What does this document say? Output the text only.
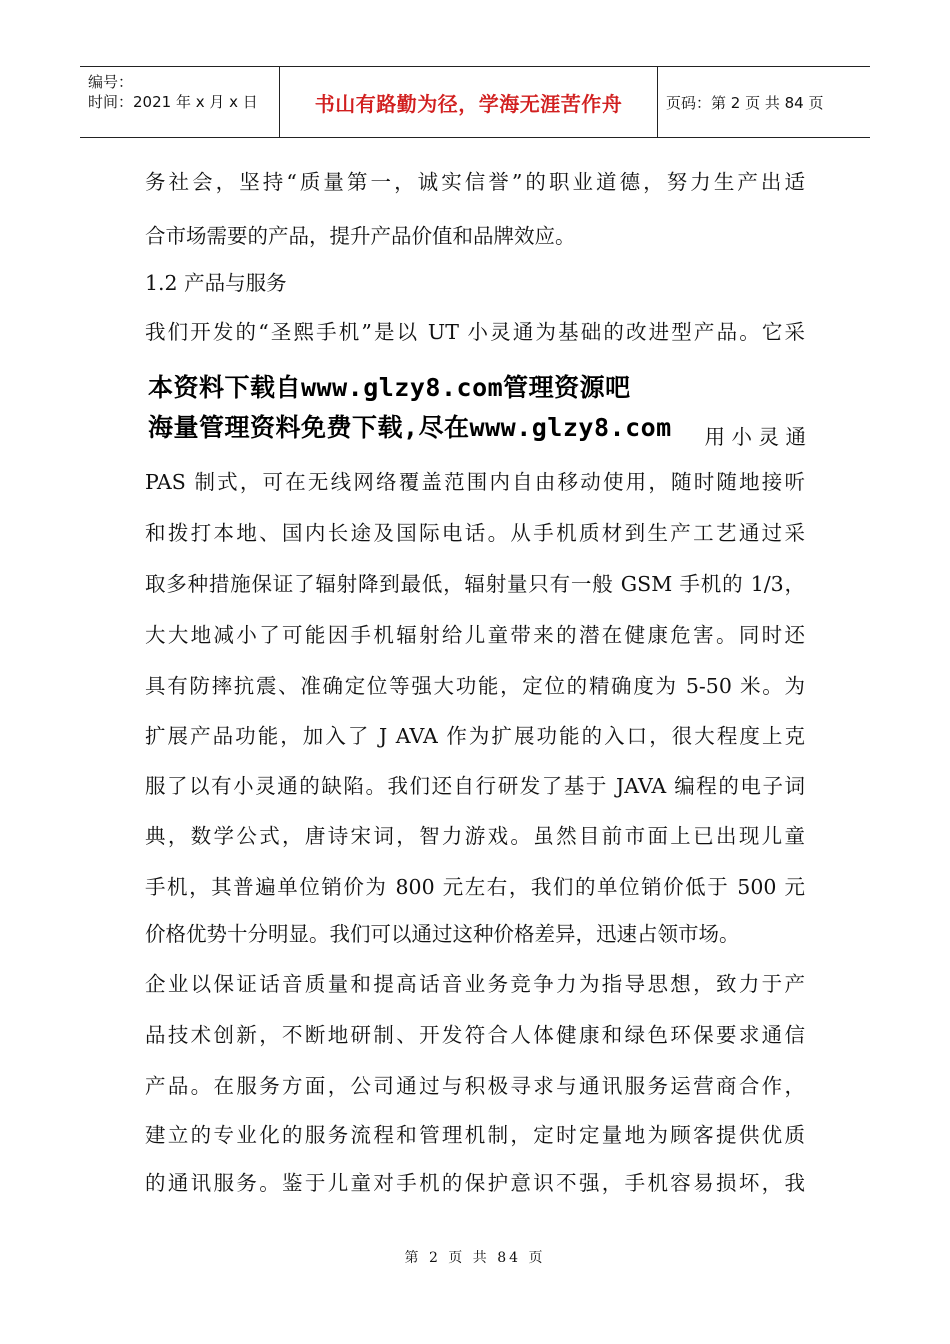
编号：
时间：2021 年 x 月 x 日	书山有路勤为径，学海无涯苦作舟	页码：第 2 页 共 84 页
务社会，坚持“质量第一，诚实信誉”的职业道德，努力生产出适
合市场需要的产品，提升产品价值和品牌效应。
1.2 产品与服务
我们开发的“圣熙手机”是以 UT 小灵通为基础的改进型产品。它采
本资料下载自www.glzy8.com管理资源吧
海量管理资料免费下载,尽在www.glzy8.com 用 小 灵 通
PAS 制式，可在无线网络覆盖范围内自由移动使用，随时随地接听
和拨打本地、国内长途及国际电话。从手机质材到生产工艺通过采
取多种措施保证了辐射降到最低，辐射量只有一般 GSM 手机的 1/3，
大大地减小了可能因手机辐射给儿童带来的潜在健康危害。同时还
具有防摔抗震、准确定位等强大功能，定位的精确度为 5-50 米。为
扩展产品功能，加入了 J AVA 作为扩展功能的入口，很大程度上克
服了以有小灵通的缺陷。我们还自行研发了基于 JAVA 编程的电子词
典，数学公式，唐诗宋词，智力游戏。虽然目前市面上已出现儿童
手机，其普遍单位销价为 800 元左右，我们的单位销价低于 500 元
价格优势十分明显。我们可以通过这种价格差异，迅速占领市场。
企业以保证话音质量和提高话音业务竞争力为指导思想，致力于产
品技术创新，不断地研制、开发符合人体健康和绿色环保要求通信
产品。在服务方面，公司通过与积极寻求与通讯服务运营商合作，
建立的专业化的服务流程和管理机制，定时定量地为顾客提供优质
的通讯服务。鉴于儿童对手机的保护意识不强，手机容易损坏，我
第 2 页 共 84 页
